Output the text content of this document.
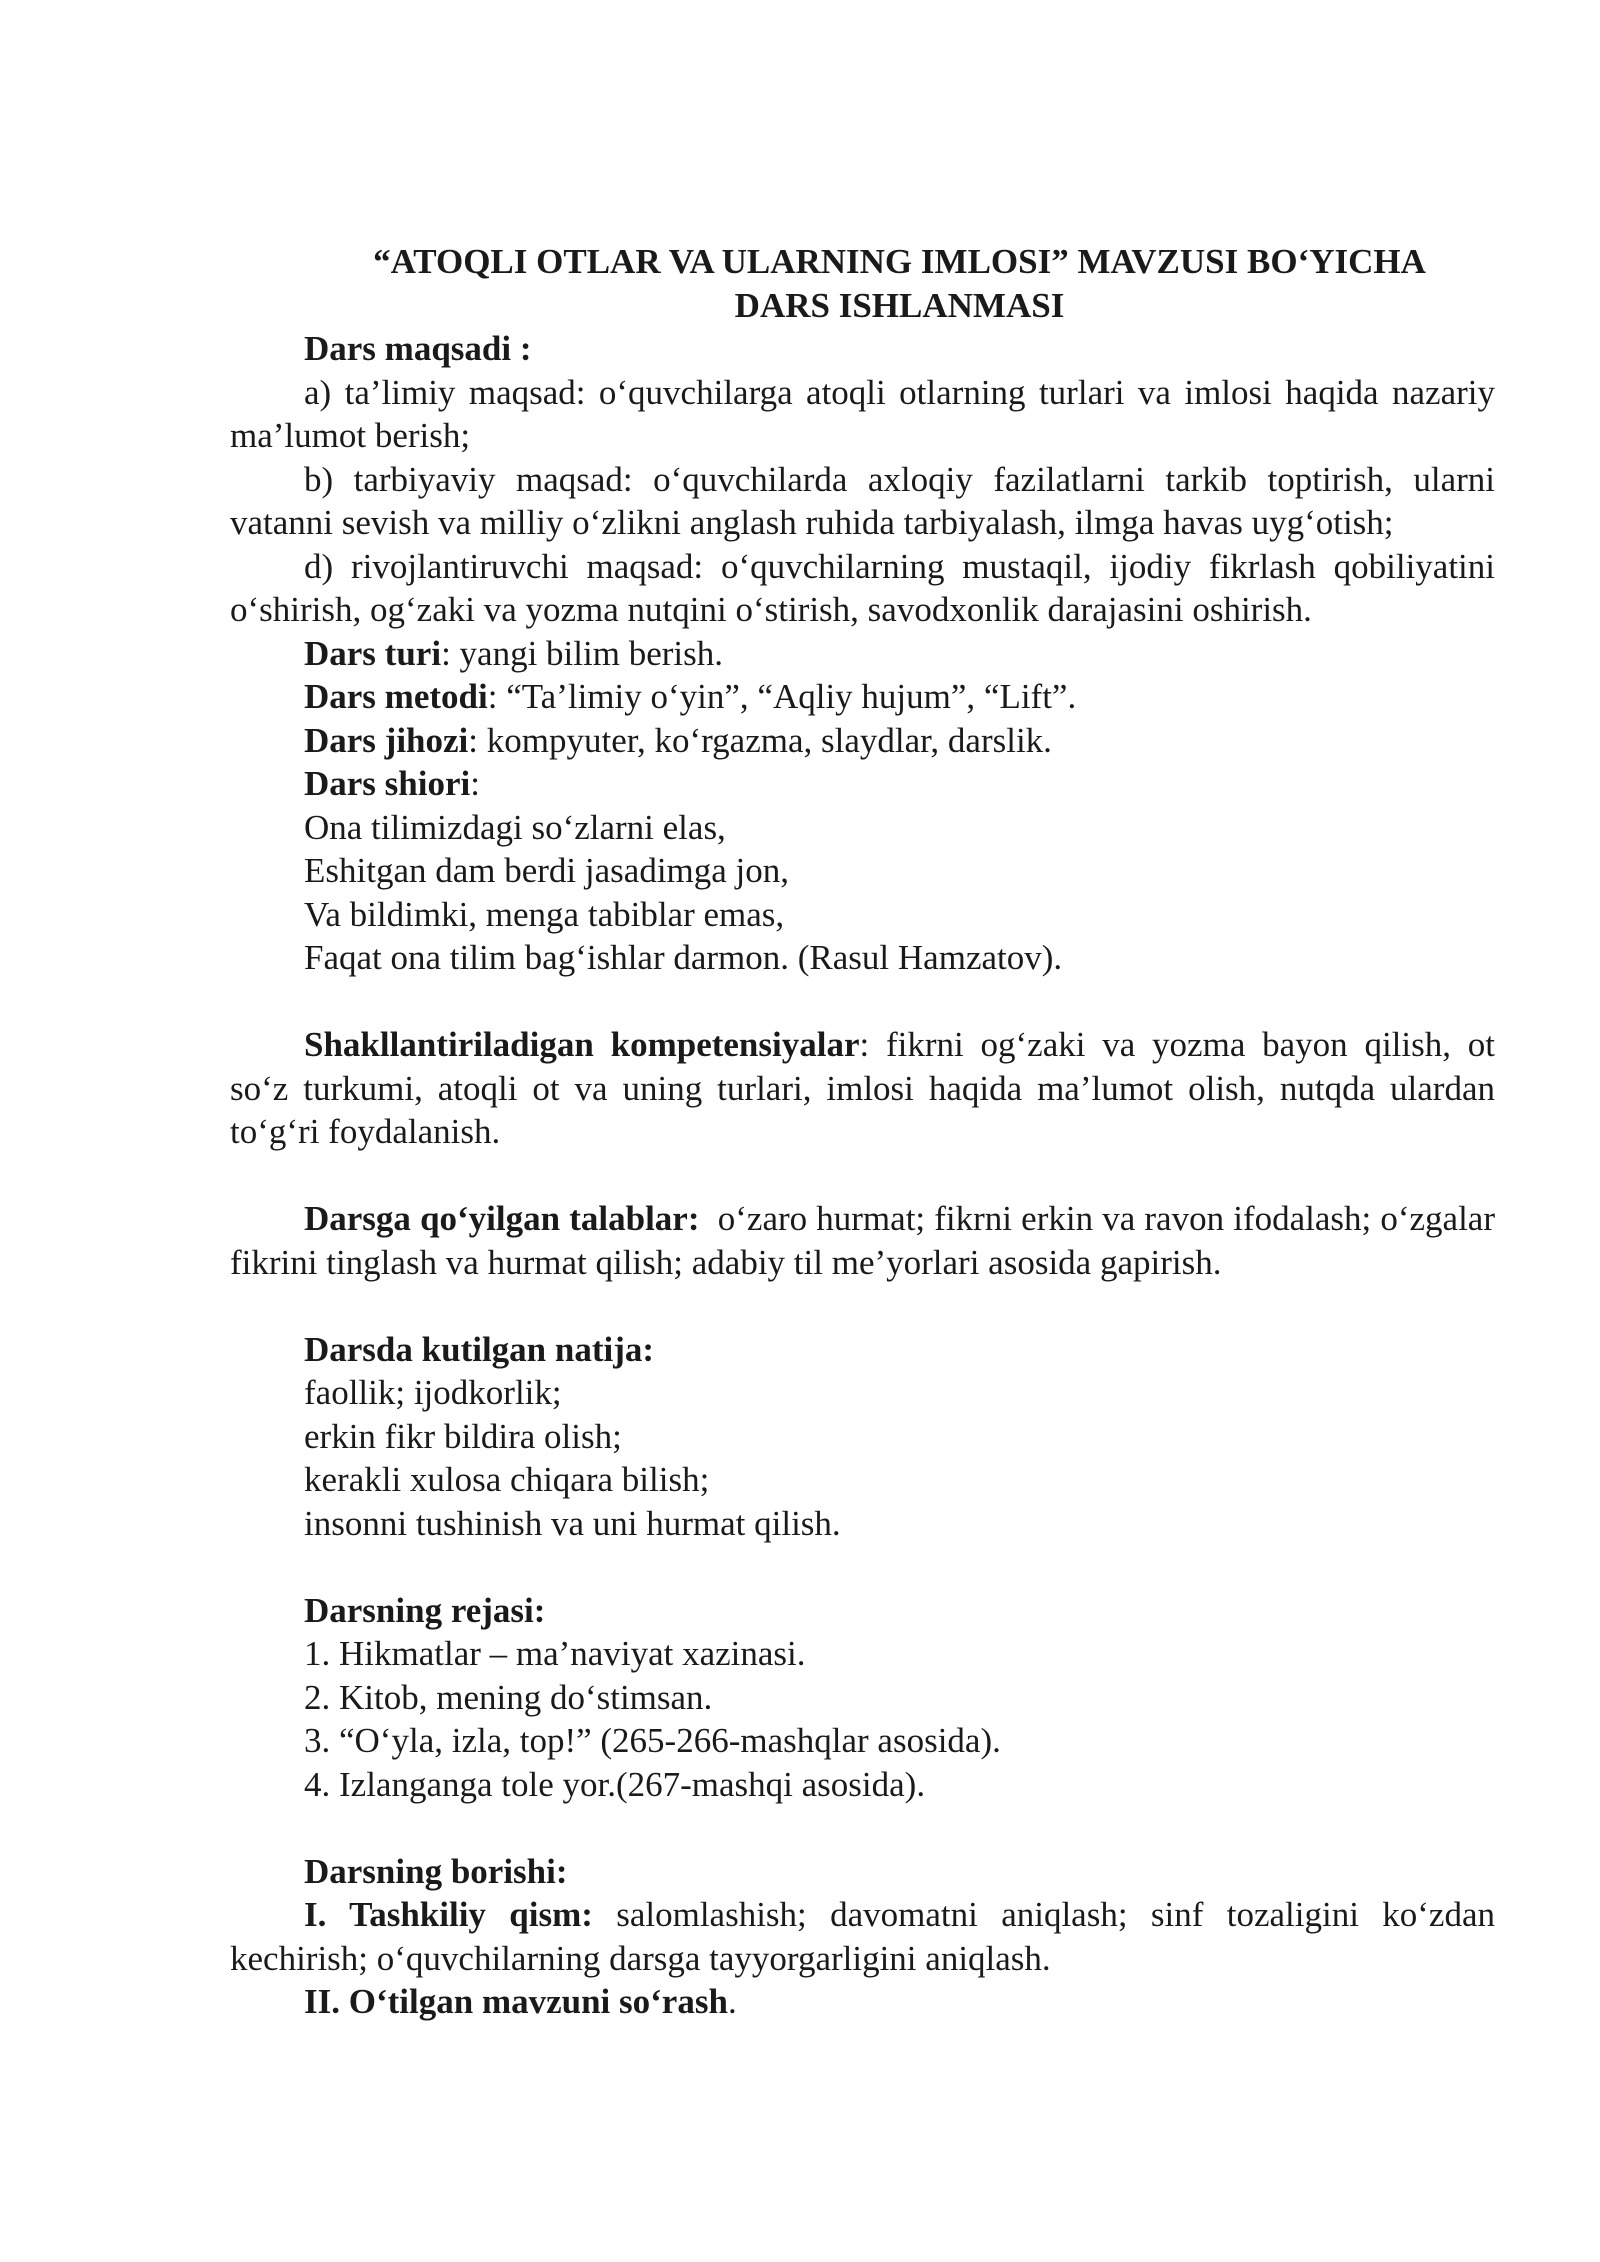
“ATOQLI OTLAR VA ULARNING IMLOSI” MAVZUSI BO‘YICHA
DARS ISHLANMASI

Dars maqsadi :

a) ta’limiy maqsad: o‘quvchilarga atoqli otlarning turlari va imlosi haqida nazariy ma’lumot berish;

b) tarbiyaviy maqsad: o‘quvchilarda axloqiy fazilatlarni tarkib toptirish, ularni vatanni sevish va milliy o‘zlikni anglash ruhida tarbiyalash, ilmga havas uyg‘otish;

d) rivojlantiruvchi maqsad: o‘quvchilarning mustaqil, ijodiy fikrlash qobiliyatini o‘shirish, og‘zaki va yozma nutqini o‘stirish, savodxonlik darajasini oshirish.

Dars turi: yangi bilim berish.

Dars metodi: “Ta’limiy o‘yin”, “Aqliy hujum”, “Lift”.

Dars jihozi: kompyuter, ko‘rgazma, slaydlar, darslik.

Dars shiori:

Ona tilimizdagi so‘zlarni elas,

Eshitgan dam berdi jasadimga jon,

Va bildimki, menga tabiblar emas,

Faqat ona tilim bag‘ishlar darmon. (Rasul Hamzatov).

Shakllantiriladigan kompetensiyalar: fikrni og‘zaki va yozma bayon qilish, ot so‘z turkumi, atoqli ot va uning turlari, imlosi haqida ma’lumot olish, nutqda ulardan to‘g‘ri foydalanish.

Darsga qo‘yilgan talablar:  o‘zaro hurmat; fikrni erkin va ravon ifodalash; o‘zgalar fikrini tinglash va hurmat qilish; adabiy til me’yorlari asosida gapirish.

Darsda kutilgan natija:

faollik; ijodkorlik;

erkin fikr bildira olish;

kerakli xulosa chiqara bilish;

insonni tushinish va uni hurmat qilish.

Darsning rejasi:

1. Hikmatlar – ma’naviyat xazinasi.

2. Kitob, mening do‘stimsan.

3. “O‘yla, izla, top!” (265-266-mashqlar asosida).

4. Izlanganga tole yor.(267-mashqi asosida).

Darsning borishi:

I. Tashkiliy qism: salomlashish; davomatni aniqlash; sinf tozaligini ko‘zdan kechirish; o‘quvchilarning darsga tayyorgarligini aniqlash.

II. O‘tilgan mavzuni so‘rash.
